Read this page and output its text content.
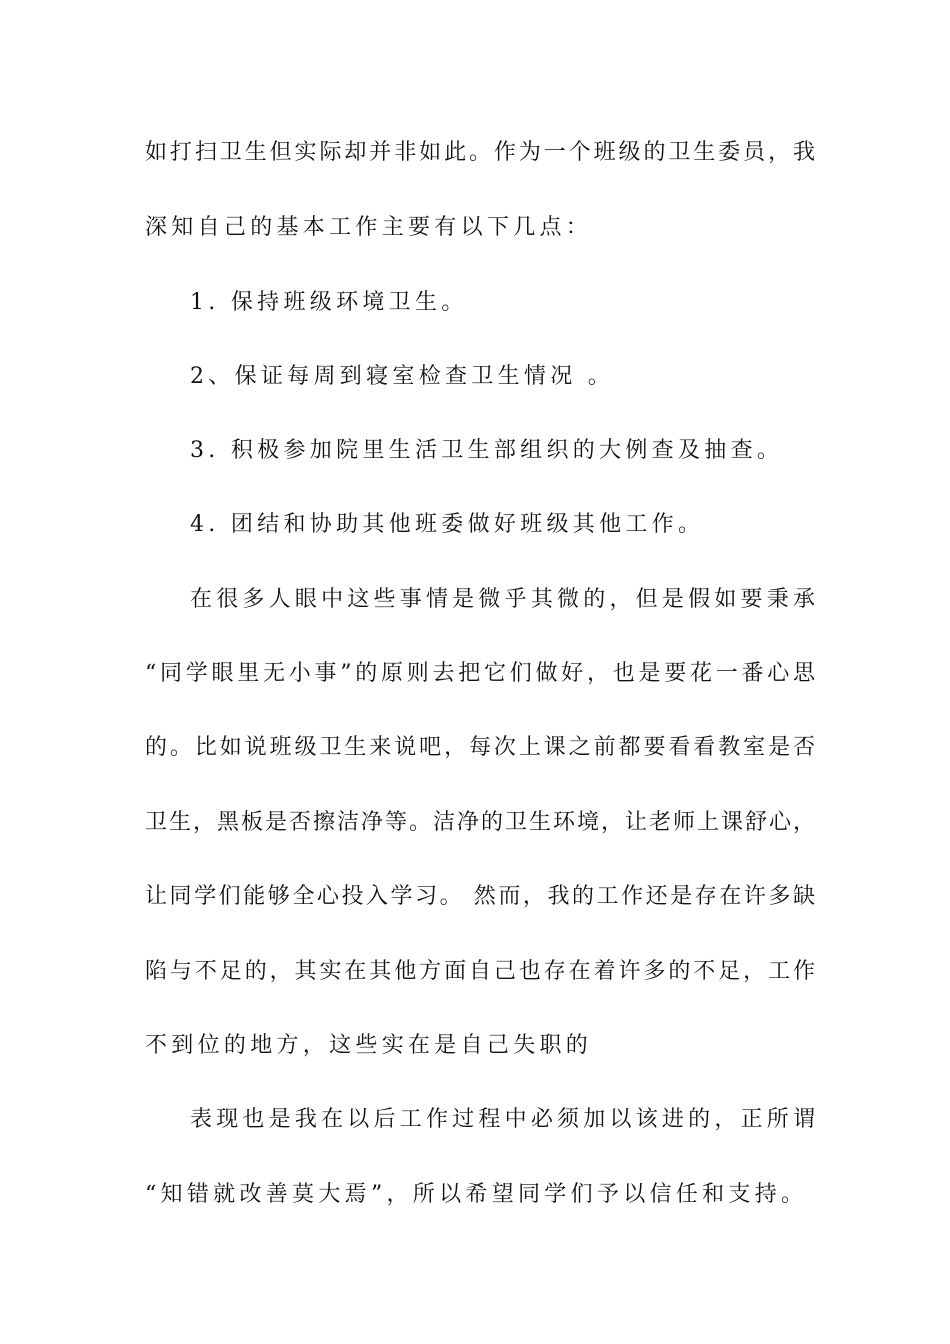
如打扫卫生但实际却并非如此。作为一个班级的卫生委员，我
深知自己的基本工作主要有以下几点：
1. 保持班级环境卫生。
2、保证每周到寝室检查卫生情况 。
3. 积极参加院里生活卫生部组织的大例查及抽查。
4. 团结和协助其他班委做好班级其他工作。
在很多人眼中这些事情是微乎其微的，但是假如要秉承
“同学眼里无小事”的原则去把它们做好，也是要花一番心思
的。比如说班级卫生来说吧，每次上课之前都要看看教室是否
卫生，黑板是否擦洁净等。洁净的卫生环境，让老师上课舒心，
让同学们能够全心投入学习。 然而，我的工作还是存在许多缺
陷与不足的，其实在其他方面自己也存在着许多的不足，工作
不到位的地方，这些实在是自己失职的
表现也是我在以后工作过程中必须加以该进的，正所谓
“知错就改善莫大焉”，所以希望同学们予以信任和支持。
